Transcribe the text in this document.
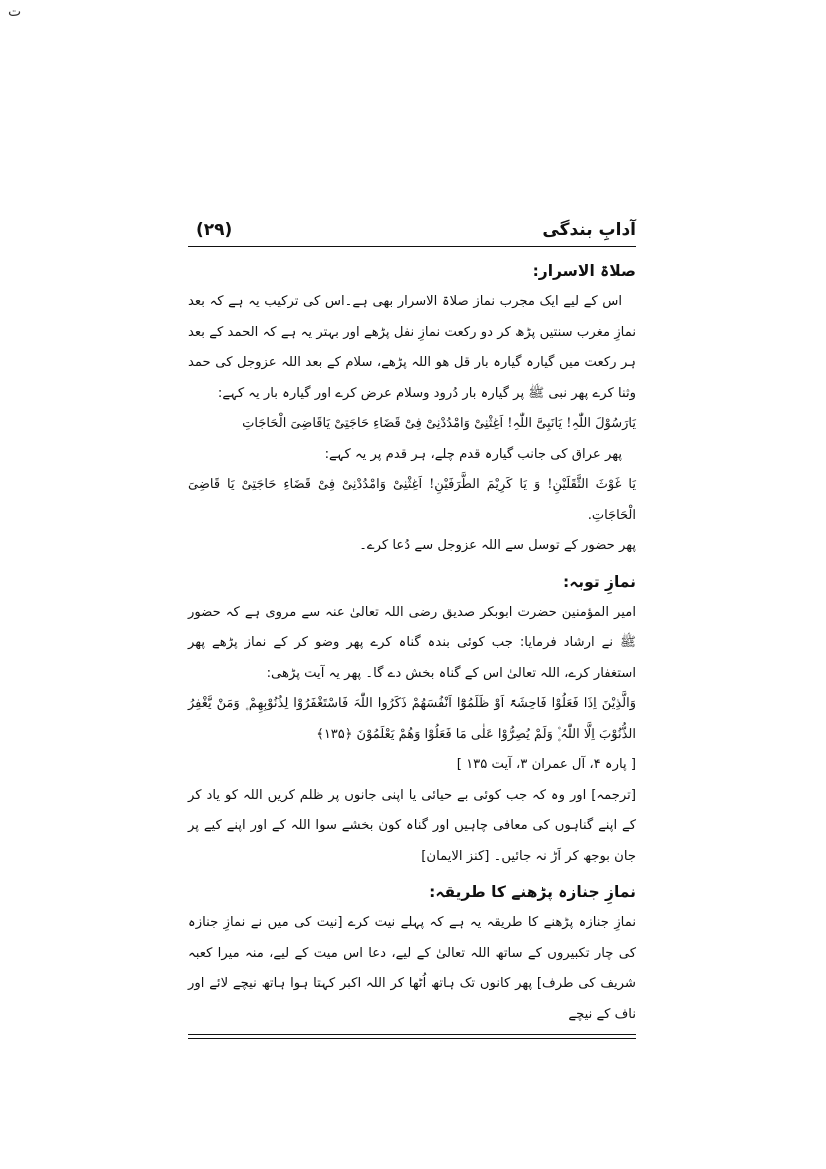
ت
آدابِ بندگی
(۲۹)
صلاۃ الاسرار:

اس کے لیے ایک مجرب نماز صلاۃ الاسرار بھی ہے۔اس کی ترکیب یہ ہے کہ بعد نمازِ مغرب سنتیں پڑھ کر دو رکعت نمازِ نفل پڑھے اور بہتر یہ ہے کہ الحمد کے بعد ہر رکعت میں گیارہ گیارہ بار قل ھو اللہ پڑھے، سلام کے بعد اللہ عزوجل کی حمد وثنا کرے پھر نبی ﷺ پر گیارہ بار دُرود وسلام عرض کرے اور گیارہ بار یہ کہے:

یَارَسُوْلَ اللّٰہِ! یَانَبِیَّ اللّٰہِ! اَغِثْنِیْ وَامْدُدْنِیْ فِیْ قَضَاءِ حَاجَتِیْ یَاقَاضِیَ الْحَاجَاتِ

پھر عراق کی جانب گیارہ قدم چلے، ہر قدم پر یہ کہے:

یَا غَوْثَ الثَّقَلَیْنِ! وَ یَا کَرِیْمَ الطَّرَفَیْنِ! اَغِثْنِیْ وَامْدُدْنِیْ فِیْ قَضَاءِ حَاجَتِیْ یَا قَاضِیَ الْحَاجَاتِ.

پھر حضور کے توسل سے اللہ عزوجل سے دُعا کرے۔

نمازِ توبہ:

امیر المؤمنین حضرت ابوبکر صدیق رضی اللہ تعالیٰ عنہ سے مروی ہے کہ حضور ﷺ نے ارشاد فرمایا: جب کوئی بندہ گناہ کرے پھر وضو کر کے نماز پڑھے پھر استغفار کرے، اللہ تعالیٰ اس کے گناہ بخش دے گا۔ پھر یہ آیت پڑھی:

وَالَّذِیْنَ اِذَا فَعَلُوْا فَاحِشَۃً اَوْ ظَلَمُوْٓا اَنْفُسَھُمْ ذَکَرُوا اللّٰہَ فَاسْتَغْفَرُوْا لِذُنُوْبِھِمْ ۪ وَمَنْ یَّغْفِرُ الذُّنُوْبَ اِلَّا اللّٰہُ ۪۫ وَلَمْ یُصِرُّوْا عَلٰی مَا فَعَلُوْا وَھُمْ یَعْلَمُوْنَ ﴿۱۳۵﴾

[ پارہ ۴، آل عمران ۳، آیت ۱۳۵ ]

[ترجمہ] اور وہ کہ جب کوئی بے حیائی یا اپنی جانوں پر ظلم کریں اللہ کو یاد کر کے اپنے گناہوں کی معافی چاہیں اور گناہ کون بخشے سوا اللہ کے اور اپنے کیے پر جان بوجھ کر اَڑ نہ جائیں۔ [کنز الایمان]

نمازِ جنازہ پڑھنے کا طریقہ:

نمازِ جنازہ پڑھنے کا طریقہ یہ ہے کہ پہلے نیت کرے [نیت کی میں نے نمازِ جنازہ کی چار تکبیروں کے ساتھ اللہ تعالیٰ کے لیے، دعا اس میت کے لیے، منہ میرا کعبہ شریف کی طرف] پھر کانوں تک ہاتھ اُٹھا کر اللہ اکبر کہتا ہوا ہاتھ نیچے لائے اور ناف کے نیچے
